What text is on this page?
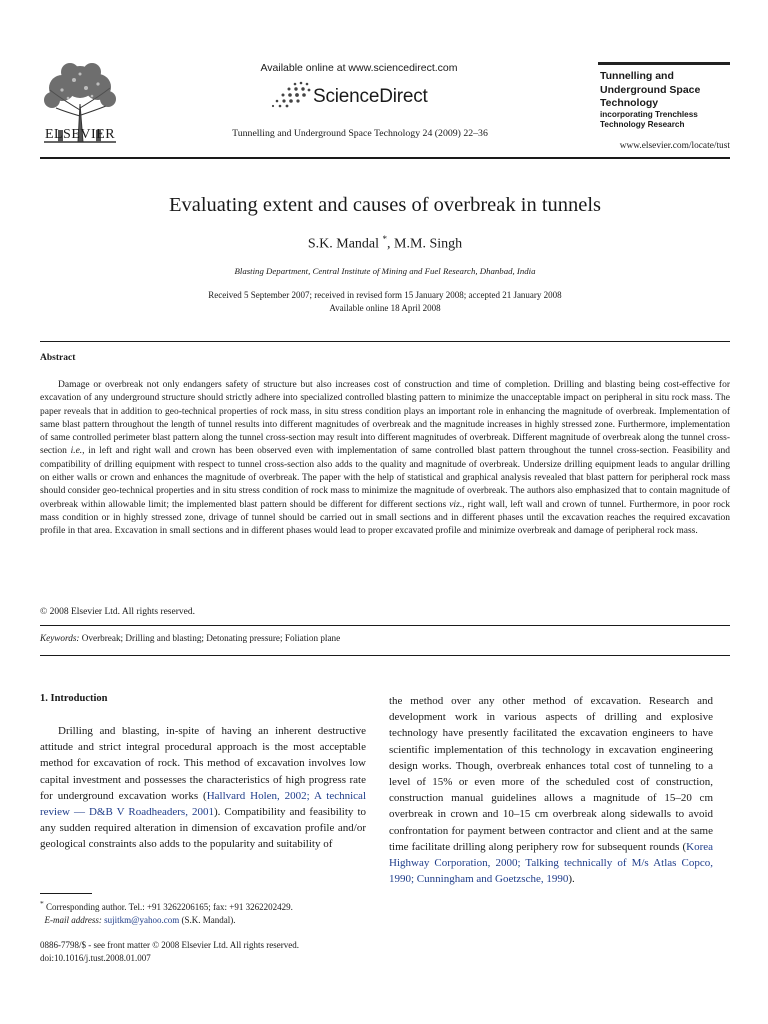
ELSEVIER
Available online at www.sciencedirect.com
ScienceDirect
Tunnelling and Underground Space Technology 24 (2009) 22–36
Tunnelling and
Underground Space
Technology
incorporating Trenchless
Technology Research
www.elsevier.com/locate/tust
Evaluating extent and causes of overbreak in tunnels
S.K. Mandal *, M.M. Singh
Blasting Department, Central Institute of Mining and Fuel Research, Dhanbad, India
Received 5 September 2007; received in revised form 15 January 2008; accepted 21 January 2008
Available online 18 April 2008
Abstract

Damage or overbreak not only endangers safety of structure but also increases cost of construction and time of completion. Drilling and blasting being cost-effective for excavation of any underground structure should strictly adhere into specialized controlled blasting pattern to minimize the unacceptable impact on peripheral in situ rock mass. The paper reveals that in addition to geo-technical properties of rock mass, in situ stress condition plays an important role in enhancing the magnitude of overbreak. Implementation of same blast pattern throughout the length of tunnel results into different magnitudes of overbreak and the magnitude increases in highly stressed zone. Furthermore, implementation of same controlled perimeter blast pattern along the tunnel cross-section may result into different magnitudes of overbreak. Different magnitude of overbreak along the tunnel cross-section i.e., in left and right wall and crown has been observed even with implementation of same controlled blast pattern throughout the tunnel cross-section. Feasibility and compatibility of drilling equipment with respect to tunnel cross-section also adds to the quality and magnitude of overbreak. Undersize drilling equipment leads to angular drilling on either walls or crown and enhances the magnitude of overbreak. The paper with the help of statistical and graphical analysis revealed that blast pattern for peripheral rock mass should consider geo-technical properties and in situ stress condition of rock mass to minimize the magnitude of overbreak. The authors also emphasized that to contain magnitude of overbreak within allowable limit; the implemented blast pattern should be different for different sections viz., right wall, left wall and crown of tunnel. Furthermore, in poor rock mass condition or in highly stressed zone, drivage of tunnel should be carried out in small sections and in different phases until the excavation reaches the required excavation profile in that area. Excavation in small sections and in different phases would lead to proper excavated profile and minimize overbreak and damage of peripheral rock mass.

© 2008 Elsevier Ltd. All rights reserved.
Keywords: Overbreak; Drilling and blasting; Detonating pressure; Foliation plane
1. Introduction

Drilling and blasting, in-spite of having an inherent destructive attitude and strict integral procedural approach is the most acceptable method for excavation of rock. This method of excavation involves low capital investment and possesses the characteristics of high progress rate for underground excavation works (Hallvard Holen, 2002; A technical review — D&B V Roadheaders, 2001). Compatibility and feasibility to any sudden required alteration in dimension of excavation profile and/or geological constraints also adds to the popularity and suitability of

the method over any other method of excavation. Research and development work in various aspects of drilling and explosive technology have presently facilitated the excavation engineers to have scientific implementation of this technology in excavation engineering design works. Though, overbreak enhances total cost of tunneling to a level of 15% or even more of the scheduled cost of construction, construction manual guidelines allows a magnitude of 15–20 cm overbreak in crown and 10–15 cm overbreak along sidewalls to avoid confrontation for payment between contractor and client and at the same time facilitate drilling along periphery row for subsequent rounds (Korea Highway Corporation, 2000; Talking technically of M/s Atlas Copco, 1990; Cunningham and Goetzsche, 1990).

* Corresponding author. Tel.: +91 3262206165; fax: +91 3262202429.
E-mail address: sujitkm@yahoo.com (S.K. Mandal).
0886-7798/$ - see front matter © 2008 Elsevier Ltd. All rights reserved.
doi:10.1016/j.tust.2008.01.007
